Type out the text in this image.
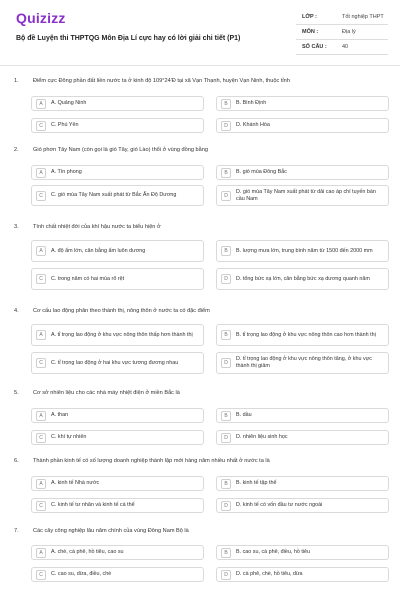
Quizizz
Bộ đề Luyện thi THPTQG Môn Địa Lí cực hay có lời giải chi tiết (P1)
LỚP :	Tốt nghiệp THPT
MÔN :	Địa lý
SỐ CÂU :	40
1.	Điểm cực Đông phần đất liền nước ta ở kinh độ 109°24'Đ tại xã Vạn Thạnh, huyện Vạn Ninh, thuộc tỉnh
A	A. Quảng Ninh	B	B. Bình Định
C	C. Phú Yên	D	D. Khánh Hòa
2.	Gió phơn Tây Nam (còn gọi là gió Tây, gió Lào) thổi ở vùng đồng bằng
A	A. Tín phong	B	B. gió mùa Đông Bắc
C	C. gió mùa Tây Nam xuất phát từ Bắc Ấn Độ Dương	D
D. gió mùa Tây Nam xuất phát từ dải cao áp chí tuyến bán cầu Nam
3.	Tính chất nhiệt đới của khí hậu nước ta biểu hiện ở
A	A. độ ẩm lớn, cân bằng ẩm luôn dương	B	B. lượng mưa lớn, trung bình năm từ 1500 đến 2000 mm
C	C. trong năm có hai mùa rõ rệt	D	D. tổng bức xạ lớn, cân bằng bức xạ dương quanh năm
4.	Cơ cấu lao động phân theo thành thị, nông thôn ở nước ta có đặc điểm
A	A. tỉ trọng lao động ở khu vực nông thôn thấp hơn thành thị	B	B. tỉ trọng lao động ở khu vực nông thôn cao hơn thành thị
C	C. tỉ trọng lao động ở hai khu vực tương đương nhau	D
D. tỉ trọng lao động ở khu vực nông thôn tăng, ở khu vực thành thị giảm
5.	Cơ sở nhiên liệu cho các nhà máy nhiệt điện ở miền Bắc là
A	A. than	B	B. dầu
C	C. khí tự nhiên	D	D. nhiên liệu sinh học
6.	Thành phần kinh tế có số lượng doanh nghiệp thành lập mới hàng năm nhiều nhất ở nước ta là
A	A. kinh tế Nhà nước	B	B. kinh tế tập thể
C	C. kinh tế tư nhân và kinh tế cá thể	D	D. kinh tế có vốn đầu tư nước ngoài
7.	Các cây công nghiệp lâu năm chính của vùng Đông Nam Bộ là
A	A. chè, cà phê, hồ tiêu, cao su	B	B. cao su, cà phê, điều, hồ tiêu
C	C. cao su, dừa, điều, chè	D	D. cà phê, chè, hồ tiêu, dừa
